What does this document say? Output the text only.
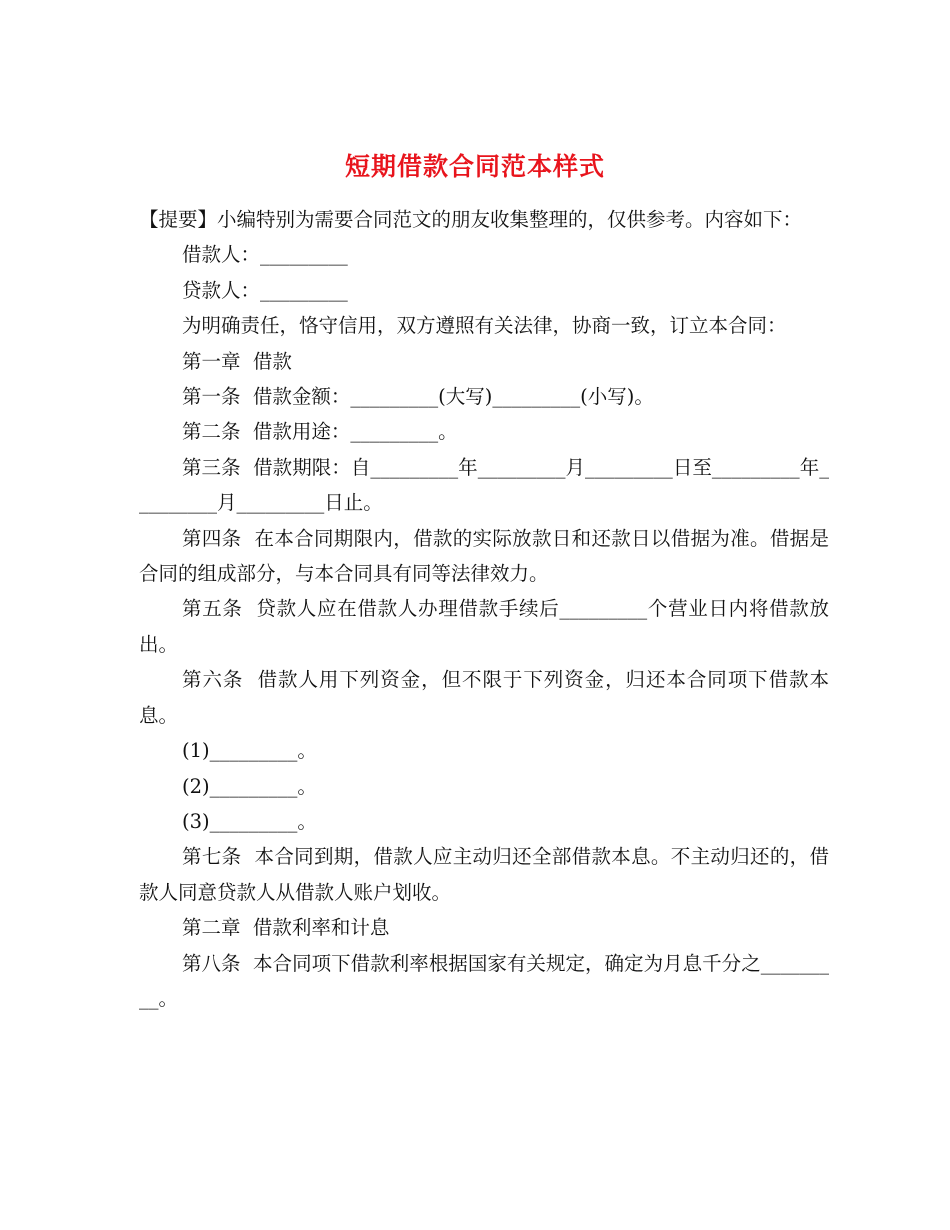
短期借款合同范本样式

【提要】小编特别为需要合同范文的朋友收集整理的，仅供参考。内容如下：

借款人：_________

贷款人：_________

为明确责任，恪守信用，双方遵照有关法律，协商一致，订立本合同：

第一章  借款

第一条  借款金额：_________(大写)_________(小写)。

第二条  借款用途：_________。

第三条  借款期限：自_________年_________月_________日至_________年_________月_________日止。

第四条  在本合同期限内，借款的实际放款日和还款日以借据为准。借据是合同的组成部分，与本合同具有同等法律效力。

第五条  贷款人应在借款人办理借款手续后_________个营业日内将借款放出。

第六条  借款人用下列资金，但不限于下列资金，归还本合同项下借款本息。

(1)_________。

(2)_________。

(3)_________。

第七条  本合同到期，借款人应主动归还全部借款本息。不主动归还的，借款人同意贷款人从借款人账户划收。

第二章  借款利率和计息

第八条  本合同项下借款利率根据国家有关规定，确定为月息千分之_________。
